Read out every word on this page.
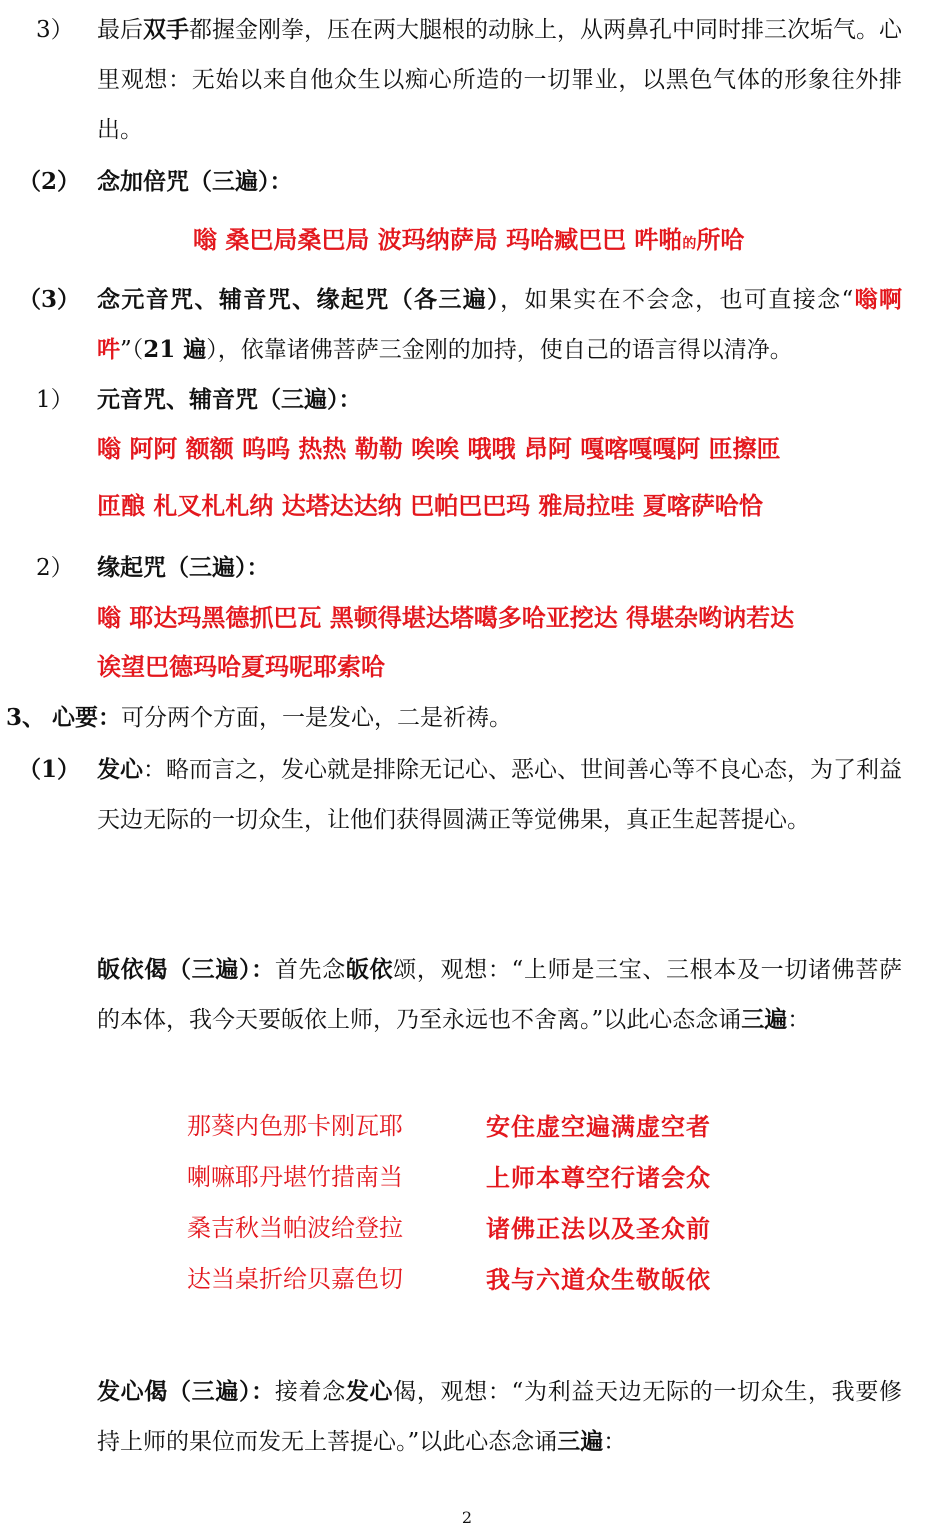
3） 最后双手都握金刚拳，压在两大腿根的动脉上，从两鼻孔中同时排三次垢气。心里观想：无始以来自他众生以痴心所造的一切罪业，以黑色气体的形象往外排出。
（2） 念加倍咒（三遍）：
嗡 桑巴局桑巴局 波玛纳萨局 玛哈臧巴巴 吽啪的所哈
（3） 念元音咒、辅音咒、缘起咒（各三遍），如果实在不会念，也可直接念“嗡啊吽”（21 遍），依靠诸佛菩萨三金刚的加持，使自己的语言得以清净。
1） 元音咒、辅音咒（三遍）：
嗡 阿阿 额额 呜呜 热热 勒勒 唉唉 哦哦 昂阿 嘎喀嘎嘎阿 匝擦匝
匝酿 札叉札札纳 达塔达达纳 巴帕巴巴玛 雅局拉哇 夏喀萨哈恰
2） 缘起咒（三遍）：
嗡 耶达玛黑德抓巴瓦 黑顿得堪达塔噶多哈亚挖达 得堪杂哟讷若达
诶望巴德玛哈夏玛呢耶索哈
3、 心要：可分两个方面，一是发心，二是祈祷。
（1） 发心：略而言之，发心就是排除无记心、恶心、世间善心等不良心态，为了利益天边无际的一切众生，让他们获得圆满正等觉佛果，真正生起菩提心。
皈依偈（三遍）：首先念皈依颂，观想：“上师是三宝、三根本及一切诸佛菩萨的本体，我今天要皈依上师，乃至永远也不舍离。”以此心态念诵三遍：
那葵内色那卡刚瓦耶
喇嘛耶丹堪竹措南当
桑吉秋当帕波给登拉
达当桌折给贝嘉色切
安住虚空遍满虚空者
上师本尊空行诸会众
诸佛正法以及圣众前
我与六道众生敬皈依
发心偈（三遍）：接着念发心偈，观想：“为利益天边无际的一切众生，我要修持上师的果位而发无上菩提心。”以此心态念诵三遍：
2
